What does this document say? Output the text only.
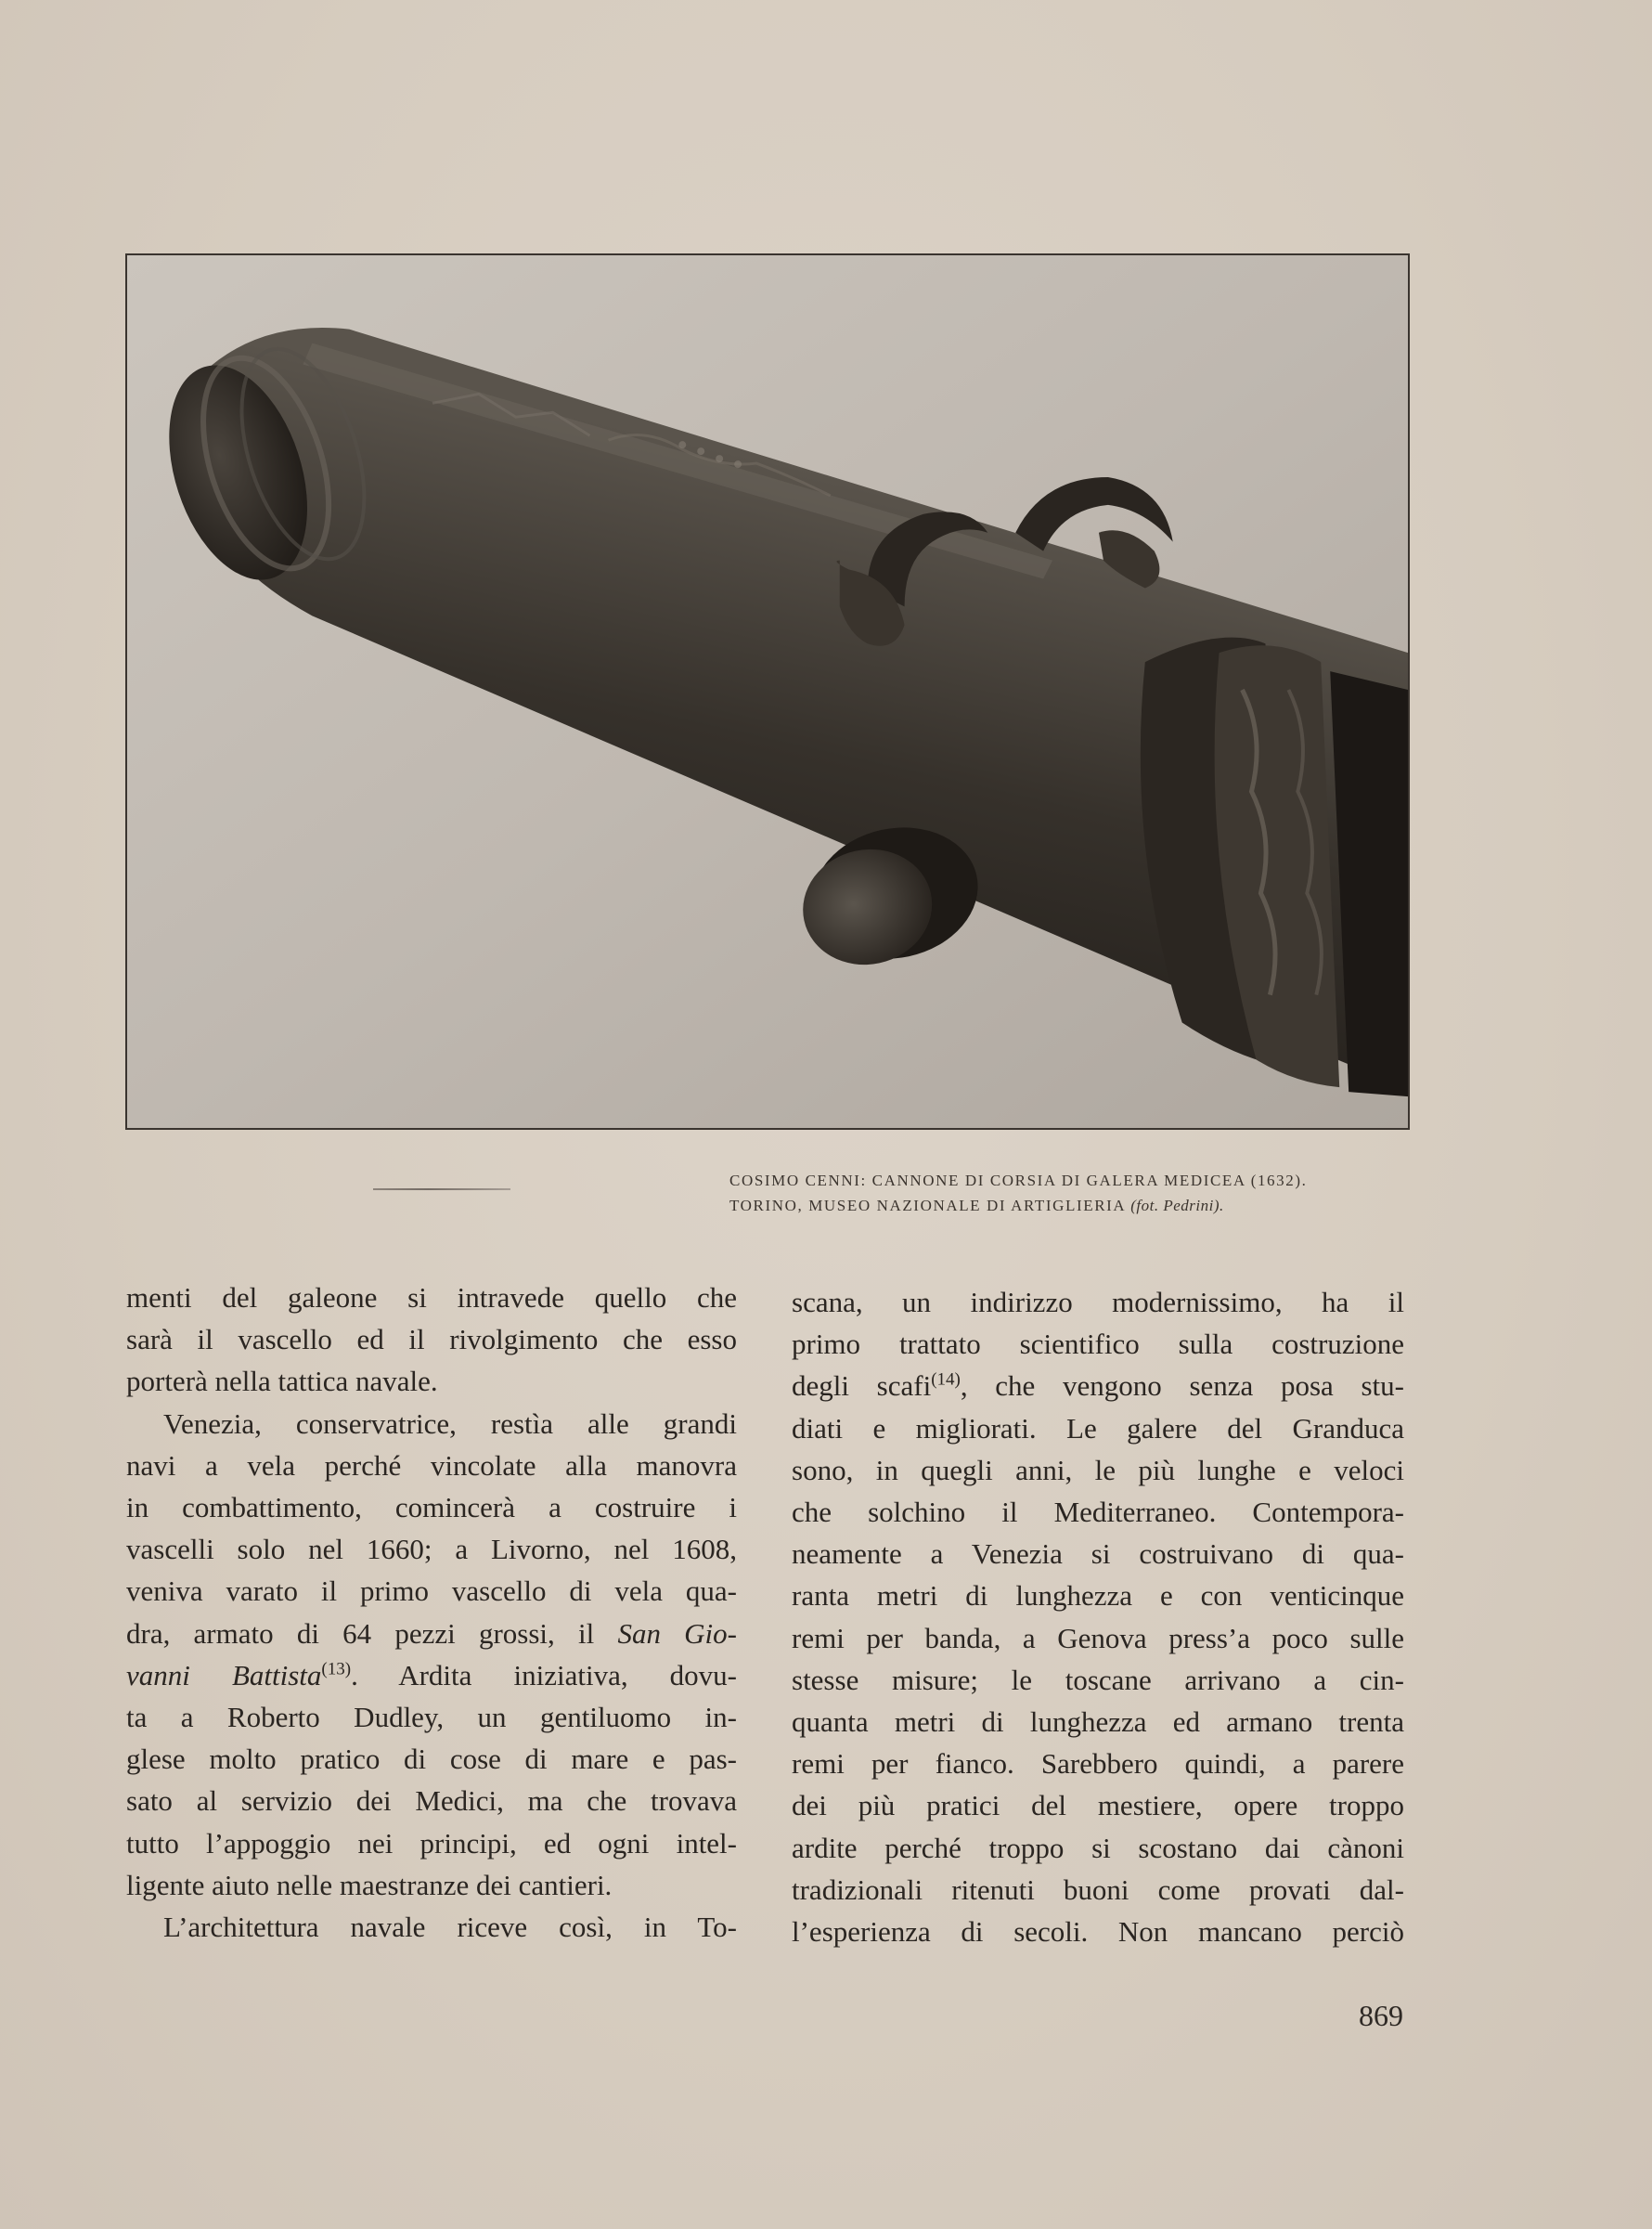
COSIMO CENNI: CANNONE DI CORSIA DI GALERA MEDICEA (1632).
TORINO, MUSEO NAZIONALE DI ARTIGLIERIA (fot. Pedrini).
menti del galeone si intravede quello che
sarà il vascello ed il rivolgimento che esso
porterà nella tattica navale.
Venezia, conservatrice, restìa alle grandi
navi a vela perché vincolate alla manovra
in combattimento, comincerà a costruire i
vascelli solo nel 1660; a Livorno, nel 1608,
veniva varato il primo vascello di vela qua-
dra, armato di 64 pezzi grossi, il San Gio-
vanni Battista$^{(13)}$. Ardita iniziativa, dovu-
ta a Roberto Dudley, un gentiluomo in-
glese molto pratico di cose di mare e pas-
sato al servizio dei Medici, ma che trovava
tutto l’appoggio nei principi, ed ogni intel-
ligente aiuto nelle maestranze dei cantieri.
L’architettura navale riceve così, in To-
scana, un indirizzo modernissimo, ha il
primo trattato scientifico sulla costruzione
degli scafi$^{(14)}$, che vengono senza posa stu-
diati e migliorati. Le galere del Granduca
sono, in quegli anni, le più lunghe e veloci
che solchino il Mediterraneo. Contempora-
neamente a Venezia si costruivano di qua-
ranta metri di lunghezza e con venticinque
remi per banda, a Genova press’a poco sulle
stesse misure; le toscane arrivano a cin-
quanta metri di lunghezza ed armano trenta
remi per fianco. Sarebbero quindi, a parere
dei più pratici del mestiere, opere troppo
ardite perché troppo si scostano dai cànoni
tradizionali ritenuti buoni come provati dal-
l’esperienza di secoli. Non mancano perciò
869
